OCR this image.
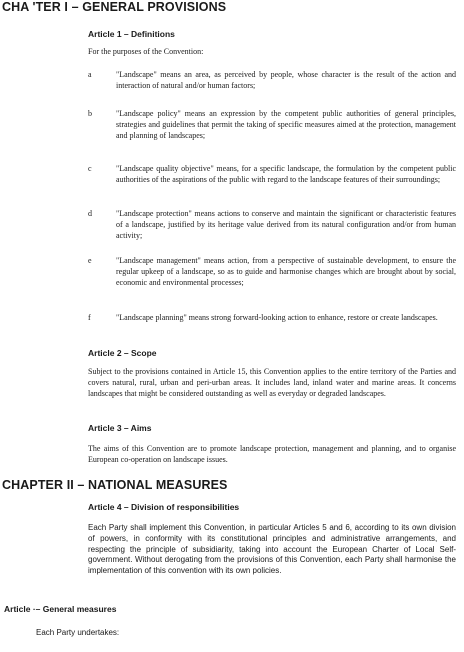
CHA 'TER I – GENERAL PROVISIONS
Article 1 – Definitions
For the purposes of the Convention:
a	"Landscape" means an area, as perceived by people, whose character is the result of the action and interaction of natural and/or human factors;
b	"Landscape policy" means an expression by the competent public authorities of general principles, strategies and guidelines that permit the taking of specific measures aimed at the protection, management and planning of landscapes;
c	"Landscape quality objective" means, for a specific landscape, the formulation by the competent public authorities of the aspirations of the public with regard to the landscape features of their surroundings;
d	"Landscape protection" means actions to conserve and maintain the significant or characteristic features of a landscape, justified by its heritage value derived from its natural configuration and/or from human activity;
e	"Landscape management" means action, from a perspective of sustainable development, to ensure the regular upkeep of a landscape, so as to guide and harmonise changes which are brought about by social, economic and environmental processes;
f	"Landscape planning" means strong forward-looking action to enhance, restore or create landscapes.
Article 2 – Scope
Subject to the provisions contained in Article 15, this Convention applies to the entire territory of the Parties and covers natural, rural, urban and peri-urban areas. It includes land, inland water and marine areas. It concerns landscapes that might be considered outstanding as well as everyday or degraded landscapes.
Article 3 – Aims
The aims of this Convention are to promote landscape protection, management and planning, and to organise European co-operation on landscape issues.
CHAPTER II – NATIONAL MEASURES
Article 4 – Division of responsibilities
Each Party shall implement this Convention, in particular Articles 5 and 6, according to its own division of powers, in conformity with its constitutional principles and administrative arrangements, and respecting the principle of subsidiarity, taking into account the European Charter of Local Self-government. Without derogating from the provisions of this Convention, each Party shall harmonise the implementation of this convention with its own policies.
Article ·– General measures
Each Party undertakes:
